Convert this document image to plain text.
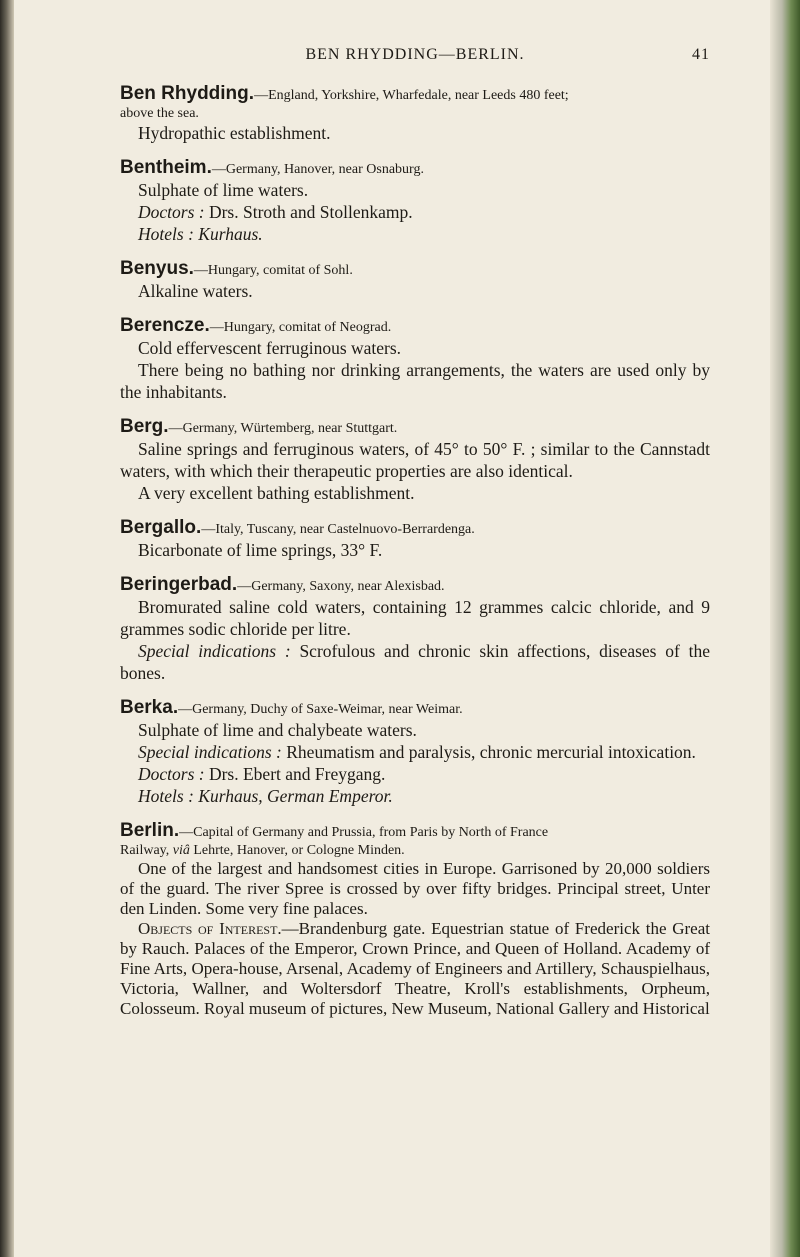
BEN RHYDDING—BERLIN.	41
Ben Rhydding.—England, Yorkshire, Wharfedale, near Leeds 480 feet;
above the sea.

Hydropathic establishment.

Bentheim.—Germany, Hanover, near Osnaburg.

Sulphate of lime waters.

Doctors : Drs. Stroth and Stollenkamp.

Hotels : Kurhaus.

Benyus.—Hungary, comitat of Sohl.

Alkaline waters.

Berencze.—Hungary, comitat of Neograd.

Cold effervescent ferruginous waters.

There being no bathing nor drinking arrangements, the waters are used only by the inhabitants.

Berg.—Germany, Würtemberg, near Stuttgart.

Saline springs and ferruginous waters, of 45° to 50° F. ; similar to the Cannstadt waters, with which their therapeutic properties are also identical.

A very excellent bathing establishment.

Bergallo.—Italy, Tuscany, near Castelnuovo-Berrardenga.

Bicarbonate of lime springs, 33° F.

Beringerbad.—Germany, Saxony, near Alexisbad.

Bromurated saline cold waters, containing 12 grammes calcic chloride, and 9 grammes sodic chloride per litre.

Special indications : Scrofulous and chronic skin affections, diseases of the bones.

Berka.—Germany, Duchy of Saxe-Weimar, near Weimar.

Sulphate of lime and chalybeate waters.

Special indications : Rheumatism and paralysis, chronic mercurial intoxication.

Doctors : Drs. Ebert and Freygang.

Hotels : Kurhaus, German Emperor.

Berlin.—Capital of Germany and Prussia, from Paris by North of France
Railway, viâ Lehrte, Hanover, or Cologne Minden.

One of the largest and handsomest cities in Europe. Garrisoned by 20,000 soldiers of the guard. The river Spree is crossed by over fifty bridges. Principal street, Unter den Linden. Some very fine palaces.

Objects of Interest.—Brandenburg gate. Equestrian statue of Frederick the Great by Rauch. Palaces of the Emperor, Crown Prince, and Queen of Holland. Academy of Fine Arts, Opera-house, Arsenal, Academy of Engineers and Artillery, Schauspielhaus, Victoria, Wallner, and Woltersdorf Theatre, Kroll's establishments, Orpheum, Colosseum. Royal museum of pictures, New Museum, National Gallery and Historical
